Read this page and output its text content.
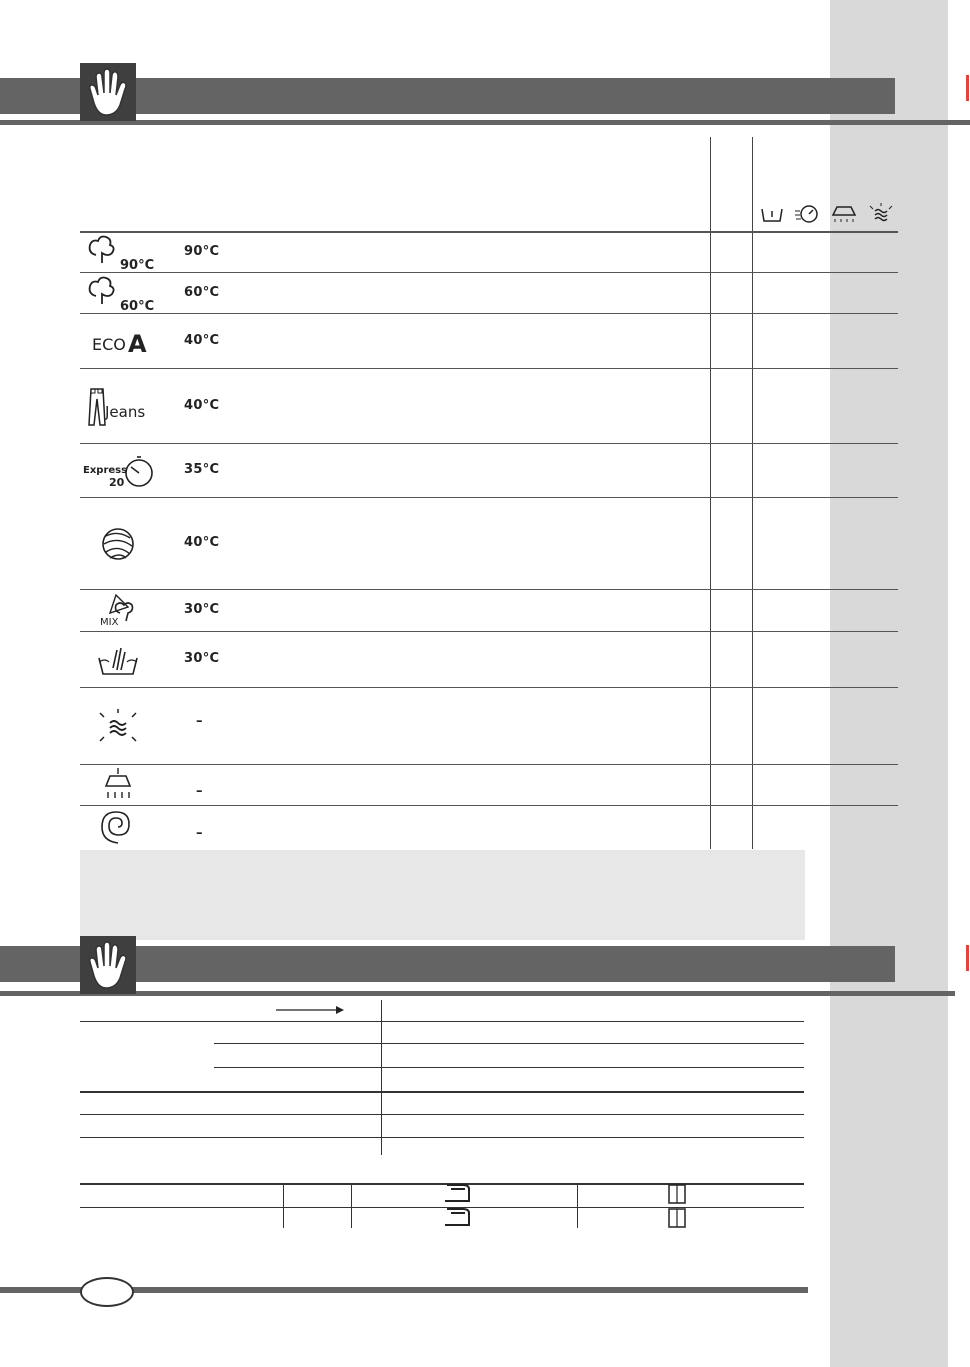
90°C
90°C
60°C
60°C
ECO A	40°C
Jeans	40°C
Express
20
35°C
40°C
MIX
30°C
30°C
–
–
–
